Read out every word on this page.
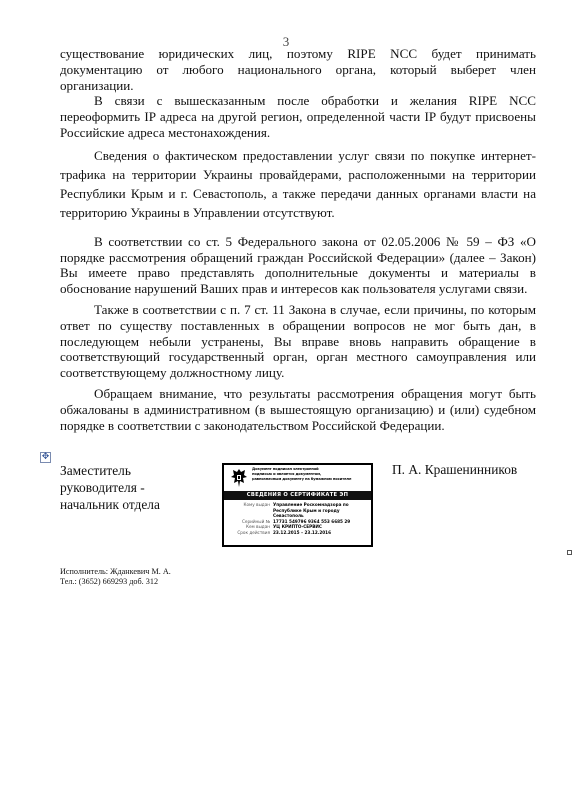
3

существование юридических лиц, поэтому RIPE NCC будет принимать документацию от любого национального органа, который выберет член организации.

В связи с вышесказанным после обработки и желания RIPE NCC переоформить IP адреса на другой регион, определенной части IP будут присвоены Российские адреса местонахождения.

Сведения о фактическом предоставлении услуг связи по покупке интернет-трафика на территории Украины провайдерами, расположенными на территории Республики Крым и г. Севастополь, а также передачи данных органами власти на территорию Украины в Управлении отсутствуют.

В соответствии со ст. 5 Федерального закона от 02.05.2006 № 59 – ФЗ «О порядке рассмотрения обращений граждан Российской Федерации» (далее – Закон) Вы имеете право представлять дополнительные документы и материалы в обоснование нарушений Ваших прав и интересов как пользователя услугами связи.

Также в соответствии с п. 7 ст. 11 Закона в случае, если причины, по которым ответ по существу поставленных в обращении вопросов не мог быть дан, в последующем небыли устранены, Вы вправе вновь направить обращение в соответствующий государственный орган, орган местного самоуправления или соответствующему должностному лицу.

Обращаем внимание, что результаты рассмотрения обращения могут быть обжалованы в административном (в вышестоящую организацию) и (или) судебном порядке в соответствии с законодательством Российской Федерации.

✥
Заместитель
руководителя -
начальник отдела
Документ подписан электронной
подписью и является документом,
равнозначным документу на бумажном носителе
СВЕДЕНИЯ О СЕРТИФИКАТЕ ЭП
Кому выдан	Управление Роскомнадзора по Республике Крым и городу Севастополь
Серийный №	17731 549796 9364 553 6685 29
Кем выдан	УЦ КРИПТО-СЕРВИС
Срок действия	23.12.2015 – 23.12.2016
П. А. Крашенинников
Исполнитель: Жданкевич М. А.
Тел.: (3652) 669293 доб. 312
